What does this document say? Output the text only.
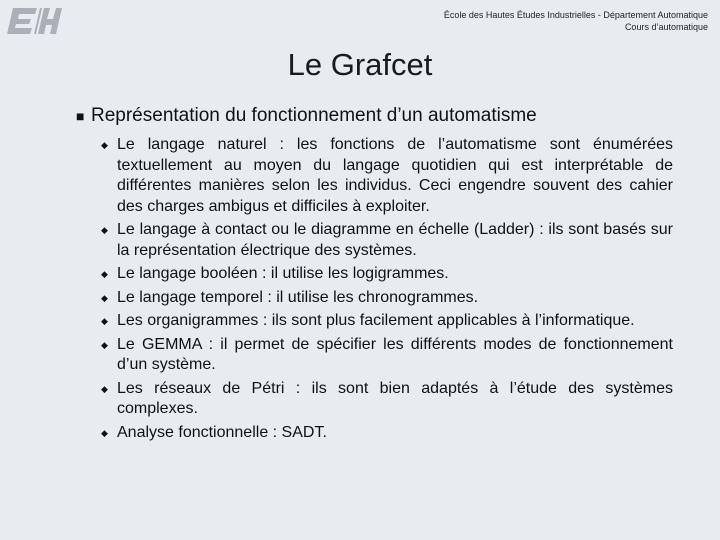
École des Hautes Études Industrielles - Département Automatique
Cours d’automatique
Le Grafcet
■ Représentation du fonctionnement d’un automatisme
◆ Le langage naturel : les fonctions de l’automatisme sont énumérées textuellement au moyen du langage quotidien qui est interprétable de différentes manières selon les individus. Ceci engendre souvent des cahier des charges ambigus et difficiles à exploiter.
◆ Le langage à contact ou le diagramme en échelle (Ladder) : ils sont basés sur la représentation électrique des systèmes.
◆ Le langage booléen : il utilise les logigrammes.
◆ Le langage temporel : il utilise les chronogrammes.
◆ Les organigrammes : ils sont plus facilement applicables à l’informatique.
◆ Le GEMMA : il permet de spécifier les différents modes de fonctionnement d’un système.
◆ Les réseaux de Pétri : ils sont bien adaptés à l’étude des systèmes complexes.
◆ Analyse fonctionnelle : SADT.
